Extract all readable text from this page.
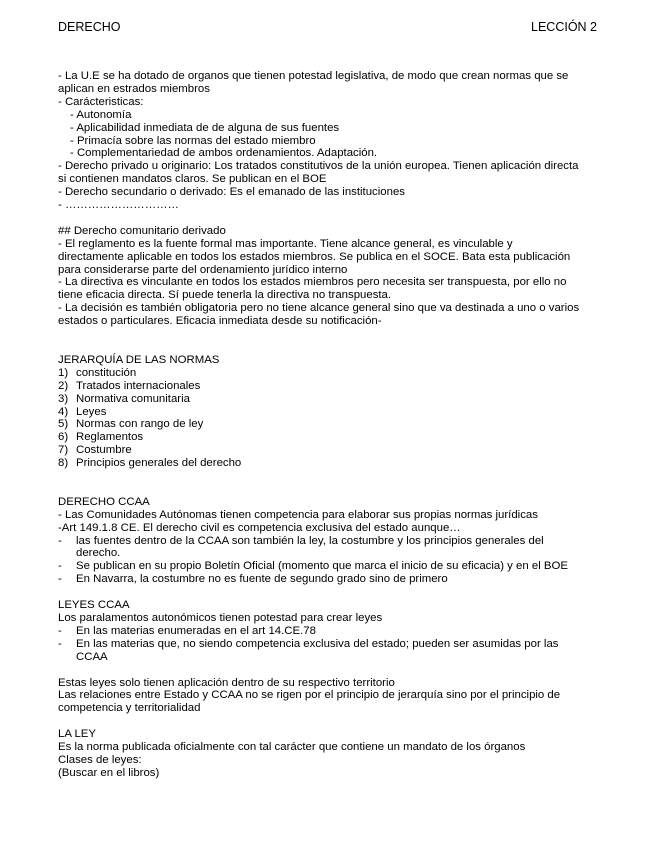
DERECHO	LECCIÓN 2
- La U.E se ha dotado de organos que tienen potestad legislativa, de modo que crean normas que se
aplican en estrados miembros
- Carácteristicas:
- Autonomía
- Aplicabilidad inmediata de de alguna de sus fuentes
- Primacía sobre las normas del estado miembro
- Complementariedad de ambos ordenamientos. Adaptación.
- Derecho privado u originario: Los tratados constitutivos de la unión europea. Tienen aplicación directa
si contienen mandatos claros. Se publican en el BOE
- Derecho secundario o derivado: Es el emanado de las instituciones
- …………………………
## Derecho comunitario derivado
- El reglamento es la fuente formal mas importante. Tiene alcance general, es vinculable y
directamente aplicable en todos los estados miembros. Se publica en el SOCE. Bata esta publicación
para considerarse parte del ordenamiento jurídico interno
- La directiva es vinculante en todos los estados miembros pero necesita ser transpuesta, por ello no
tiene eficacia directa. Sí puede tenerla la directiva no transpuesta.
- La decisión es también obligatoria pero no tiene alcance general sino que va destinada a uno o varios
estados o particulares. Eficacia inmediata desde su notificación-
JERARQUÍA DE LAS NORMAS
1) constitución
2) Tratados internacionales
3) Normativa comunitaria
4) Leyes
5) Normas con rango de ley
6) Reglamentos
7) Costumbre
8) Principios generales del derecho
DERECHO CCAA
- Las Comunidades Autónomas tienen competencia para elaborar sus propias normas jurídicas
-Art 149.1.8 CE. El derecho civil es competencia exclusiva del estado aunque…
- las fuentes dentro de la CCAA son también la ley, la costumbre y los principios generales del
derecho.
- Se publican en su propio Boletín Oficial (momento que marca el inicio de su eficacia) y en el BOE
- En Navarra, la costumbre no es fuente de segundo grado sino de primero
LEYES CCAA
Los paralamentos autonómicos tienen potestad para crear leyes
- En las materias enumeradas en el art 14.CE.78
- En las materias que, no siendo competencia exclusiva del estado; pueden ser asumidas por las
CCAA
Estas leyes solo tienen aplicación dentro de su respectivo territorio
Las relaciones entre Estado y CCAA no se rigen por el principio de jerarquía sino por el principio de
competencia y territorialidad
LA LEY
Es la norma publicada oficialmente con tal carácter que contiene un mandato de los órganos
Clases de leyes:
(Buscar en el libros)
